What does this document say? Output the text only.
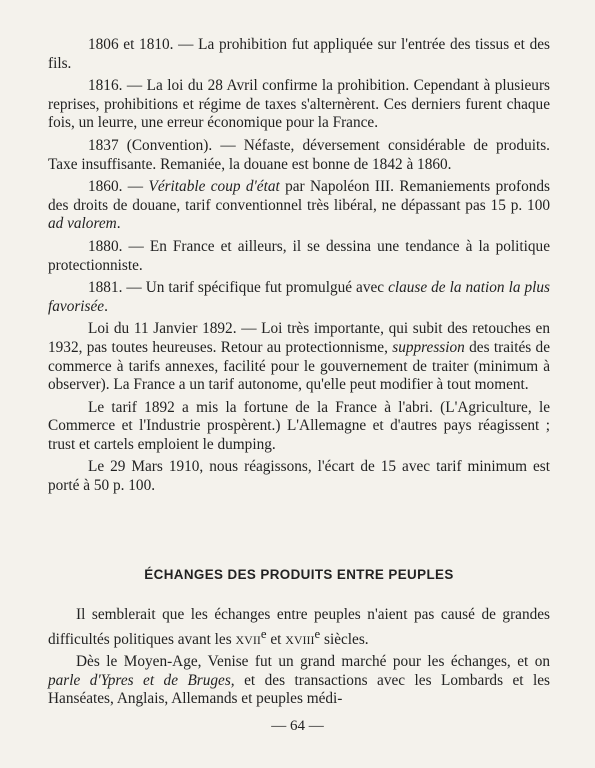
1806 et 1810. — La prohibition fut appliquée sur l'entrée des tissus et des fils.

1816. — La loi du 28 Avril confirme la prohibition. Cependant à plusieurs reprises, prohibitions et régime de taxes s'alternèrent. Ces derniers furent chaque fois, un leurre, une erreur économique pour la France.

1837 (Convention). — Néfaste, déversement considérable de produits. Taxe insuffisante. Remaniée, la douane est bonne de 1842 à 1860.

1860. — Véritable coup d'état par Napoléon III. Remaniements profonds des droits de douane, tarif conventionnel très libéral, ne dépassant pas 15 p. 100 ad valorem.

1880. — En France et ailleurs, il se dessina une tendance à la politique protectionniste.

1881. — Un tarif spécifique fut promulgué avec clause de la nation la plus favorisée.

Loi du 11 Janvier 1892. — Loi très importante, qui subit des retouches en 1932, pas toutes heureuses. Retour au protectionnisme, suppression des traités de commerce à tarifs annexes, facilité pour le gouvernement de traiter (minimum à observer). La France a un tarif autonome, qu'elle peut modifier à tout moment.

Le tarif 1892 a mis la fortune de la France à l'abri. (L'Agriculture, le Commerce et l'Industrie prospèrent.) L'Allemagne et d'autres pays réagissent ; trust et cartels emploient le dumping.

Le 29 Mars 1910, nous réagissons, l'écart de 15 avec tarif minimum est porté à 50 p. 100.

ÉCHANGES DES PRODUITS ENTRE PEUPLES

Il semblerait que les échanges entre peuples n'aient pas causé de grandes difficultés politiques avant les XVIIe et XVIIIe siècles.

Dès le Moyen-Age, Venise fut un grand marché pour les échanges, et on parle d'Ypres et de Bruges, et des transactions avec les Lombards et les Hanséates, Anglais, Allemands et peuples médi-

— 64 —
